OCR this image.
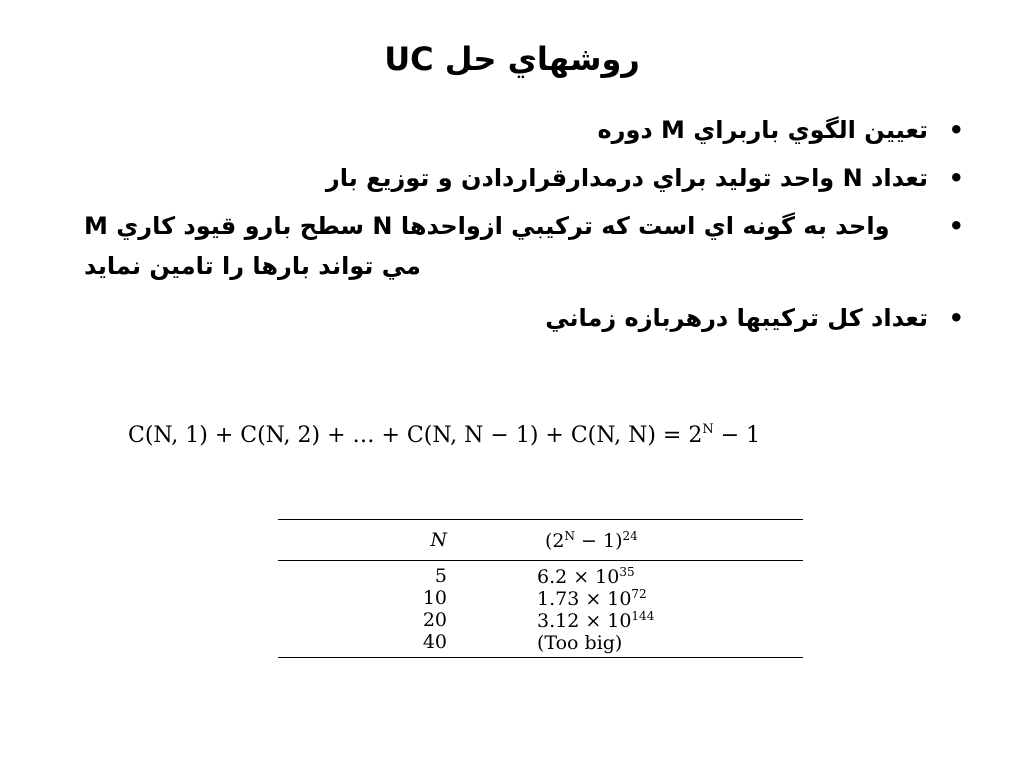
روشهاي حل UC
•
تعيين الگوي باربراي M دوره
•
تعداد N واحد توليد براي درمدارقراردادن و توزيع بار
•
M سطح بارو قيود كاري N واحد به گونه اي است كه تركيبي ازواحدها مي تواند بارها را تامين نمايد
•
تعداد كل تركيبها درهربازه زماني
C(N, 1) + C(N, 2) + … + C(N, N − 1) + C(N, $N) = 2^N - 1$
N	$(2^N - 1)^{24}$
5	$6.2 \times 10^{35}$
10	$1.73 \times 10^{72}$
20	$3.12 \times 10^{144}$
40	(Too big)
